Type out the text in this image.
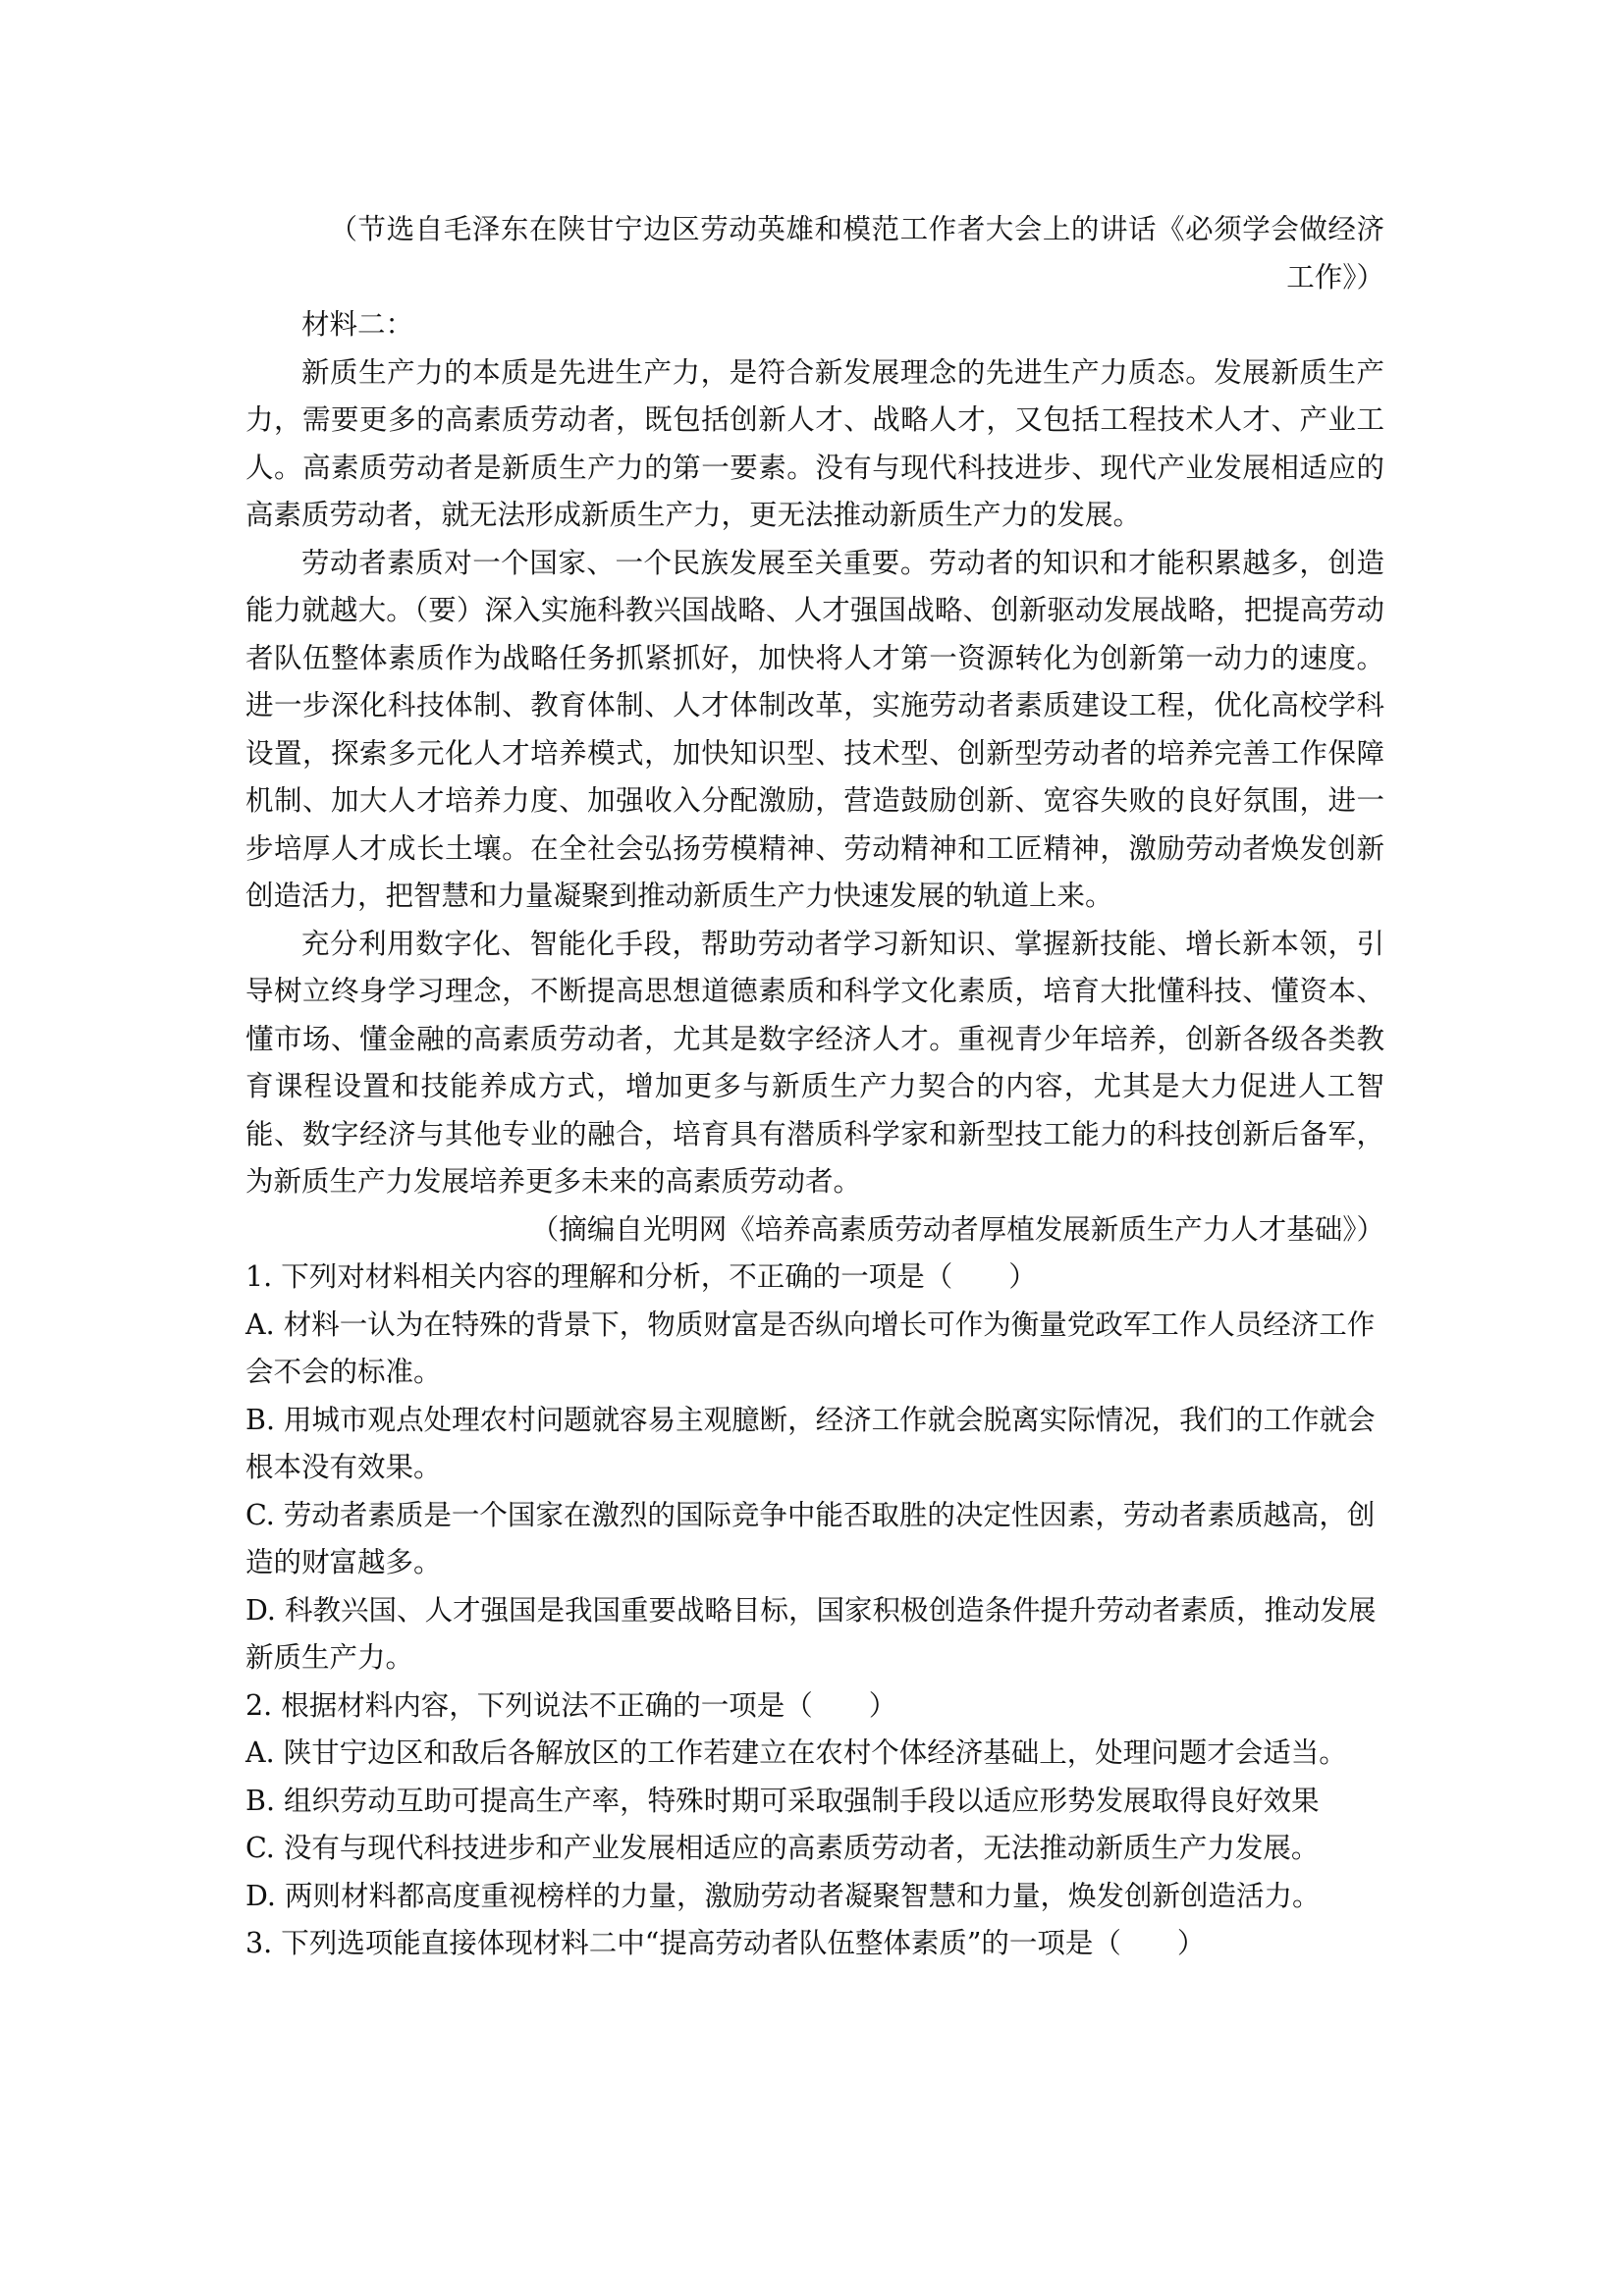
（节选自毛泽东在陕甘宁边区劳动英雄和模范工作者大会上的讲话《必须学会做经济工作》）

材料二：

新质生产力的本质是先进生产力，是符合新发展理念的先进生产力质态。发展新质生产力，需要更多的高素质劳动者，既包括创新人才、战略人才，又包括工程技术人才、产业工人。高素质劳动者是新质生产力的第一要素。没有与现代科技进步、现代产业发展相适应的高素质劳动者，就无法形成新质生产力，更无法推动新质生产力的发展。

劳动者素质对一个国家、一个民族发展至关重要。劳动者的知识和才能积累越多，创造能力就越大。（要）深入实施科教兴国战略、人才强国战略、创新驱动发展战略，把提高劳动者队伍整体素质作为战略任务抓紧抓好，加快将人才第一资源转化为创新第一动力的速度。进一步深化科技体制、教育体制、人才体制改革，实施劳动者素质建设工程，优化高校学科设置，探索多元化人才培养模式，加快知识型、技术型、创新型劳动者的培养完善工作保障机制、加大人才培养力度、加强收入分配激励，营造鼓励创新、宽容失败的良好氛围，进一步培厚人才成长土壤。在全社会弘扬劳模精神、劳动精神和工匠精神，激励劳动者焕发创新创造活力，把智慧和力量凝聚到推动新质生产力快速发展的轨道上来。

充分利用数字化、智能化手段，帮助劳动者学习新知识、掌握新技能、增长新本领，引导树立终身学习理念，不断提高思想道德素质和科学文化素质，培育大批懂科技、懂资本、懂市场、懂金融的高素质劳动者，尤其是数字经济人才。重视青少年培养，创新各级各类教育课程设置和技能养成方式，增加更多与新质生产力契合的内容，尤其是大力促进人工智能、数字经济与其他专业的融合，培育具有潜质科学家和新型技工能力的科技创新后备军，为新质生产力发展培养更多未来的高素质劳动者。

（摘编自光明网《培养高素质劳动者厚植发展新质生产力人才基础》）

1. 下列对材料相关内容的理解和分析，不正确的一项是（　　）

A. 材料一认为在特殊的背景下，物质财富是否纵向增长可作为衡量党政军工作人员经济工作会不会的标准。

B. 用城市观点处理农村问题就容易主观臆断，经济工作就会脱离实际情况，我们的工作就会根本没有效果。

C. 劳动者素质是一个国家在激烈的国际竞争中能否取胜的决定性因素，劳动者素质越高，创造的财富越多。

D. 科教兴国、人才强国是我国重要战略目标，国家积极创造条件提升劳动者素质，推动发展新质生产力。

2. 根据材料内容，下列说法不正确的一项是（　　）

A. 陕甘宁边区和敌后各解放区的工作若建立在农村个体经济基础上，处理问题才会适当。

B. 组织劳动互助可提高生产率，特殊时期可采取强制手段以适应形势发展取得良好效果

C. 没有与现代科技进步和产业发展相适应的高素质劳动者，无法推动新质生产力发展。

D. 两则材料都高度重视榜样的力量，激励劳动者凝聚智慧和力量，焕发创新创造活力。

3. 下列选项能直接体现材料二中“提高劳动者队伍整体素质”的一项是（　　）
